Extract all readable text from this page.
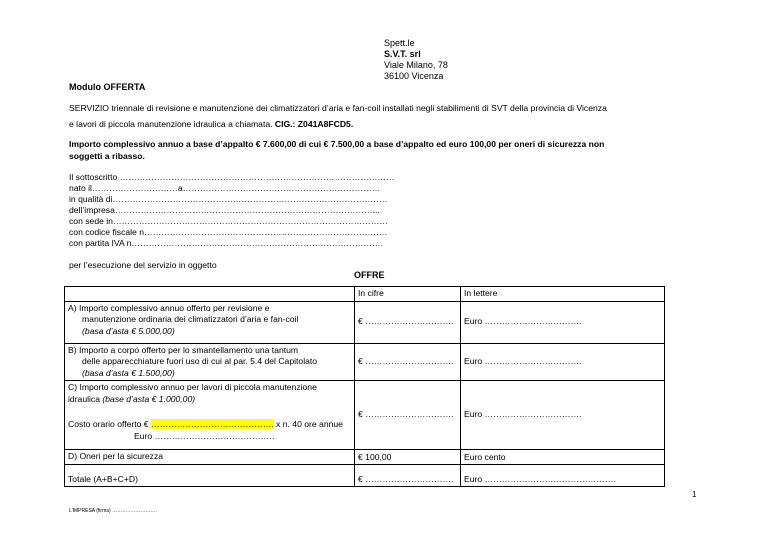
Spett.le
S.V.T. srl
Viale Milano, 78
36100 Vicenza
Modulo OFFERTA
SERVIZIO triennale di revisione e manutenzione dei climatizzatori d’aria e fan-coil installati negli stabilimenti di SVT della provincia di Vicenza
e lavori di piccola manutenzione idraulica a chiamata. CIG.: Z041A8FCD5.
Importo complessivo annuo a base d’appalto € 7.600,00 di cui € 7.500,00 a base d’appalto ed euro 100,00 per oneri di sicurezza non
soggetti a ribasso.
Il sottoscritto ……………………………………………………………………………………
nato il…………………………a……………………………………………………………
in qualità di……………………………………………………………………………………
dell’impresa………………………………………………………………………………...
con sede in……………………………………………………………………………………
con codice fiscale n………………………………………………………………………….
con partita IVA n…………………………………………………………………………….
per l’esecuzione del servizio in oggetto
OFFRE
	In cifre	In lettere

A) Importo complessivo annuo offerto per revisione e
manutenzione ordinaria dei climatizzatori d’aria e fan-coil
(basa d’asta € 5.000,00)	€ ………………………….	Euro …………………………….

B) Importo a corpo offerto per lo smantellamento una tantum
delle apparecchiature fuori uso di cui al par. 5.4 del Capitolato
(basa d’asta € 1.500,00)	€ ………………………….	Euro …………………………….

C) Importo complessivo annuo per lavori di piccola manutenzione
idraulica (base d’asta € 1.000,00)
Costo orario offerto € ……………………………………. x n. 40 ore annue
Euro ……………………………………	€ ………………………….	Euro …………………………….
D) Oneri per la sicurezza	€ 100,00	Euro cento
Totale (A+B+C+D)	€ ………………………….	Euro ……………………………………….
1
L’IMPRESA (firma) ………………………
